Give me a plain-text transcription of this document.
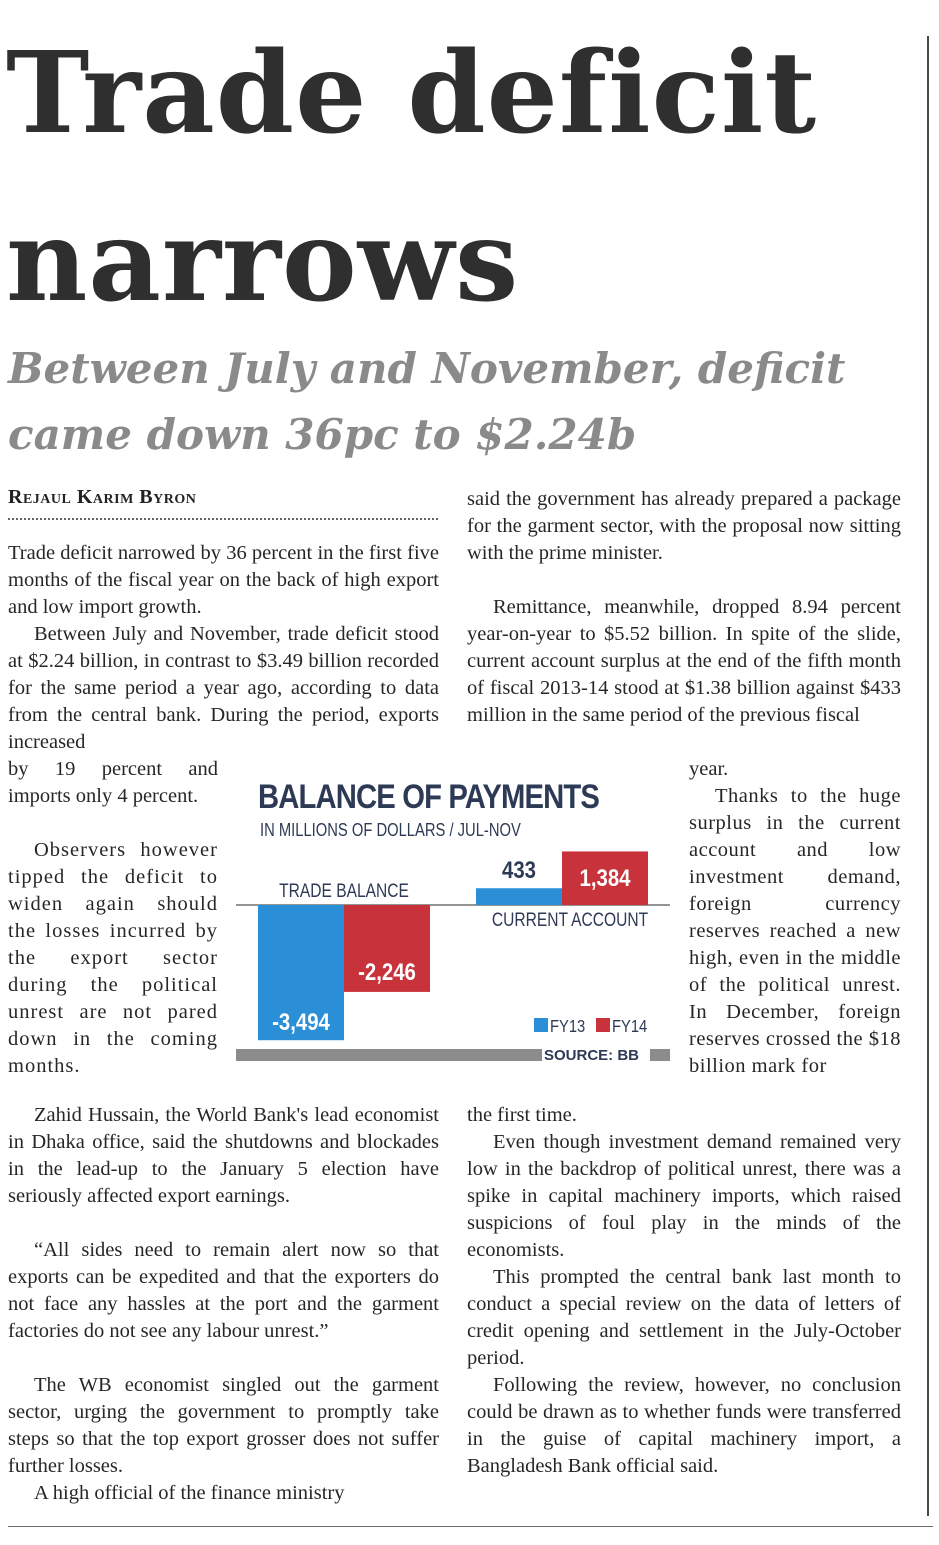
Trade deficit
narrows
Between July and November, deficit came down 36pc to $2.24b
Rejaul Karim Byron

Trade deficit narrowed by 36 percent in the first five months of the fiscal year on the back of high export and low import growth.

Between July and November, trade deficit stood at $2.24 billion, in contrast to $3.49 billion recorded for the same period a year ago, according to data from the central bank. During the period, exports increased

by 19 percent and imports only 4 percent.

Observers however tipped the deficit to widen again should the losses incurred by the export sector during the political unrest are not pared down in the coming months.

Zahid Hussain, the World Bank's lead economist in Dhaka office, said the shutdowns and blockades in the lead-up to the January 5 election have seriously affected export earnings.

“All sides need to remain alert now so that exports can be expedited and that the exporters do not face any hassles at the port and the garment factories do not see any labour unrest.”

The WB economist singled out the garment sector, urging the government to promptly take steps so that the top export grosser does not suffer further losses.

A high official of the finance ministry

said the government has already prepared a package for the garment sector, with the proposal now sitting with the prime minister.

Remittance, meanwhile, dropped 8.94 percent year-on-year to $5.52 billion. In spite of the slide, current account surplus at the end of the fifth month of fiscal 2013-14 stood at $1.38 billion against $433 million in the same period of the previous fiscal

year.

Thanks to the huge surplus in the current account and low investment demand, foreign currency reserves reached a new high, even in the middle of the political unrest. In December, foreign reserves crossed the $18 billion mark for

the first time.

Even though investment demand remained very low in the backdrop of political unrest, there was a spike in capital machinery imports, which raised suspicions of foul play in the minds of the economists.

This prompted the central bank last month to conduct a special review on the data of letters of credit opening and settlement in the July-October period.

Following the review, however, no conclusion could be drawn as to whether funds were transferred in the guise of capital machinery import, a Bangladesh Bank official said.

BALANCE OF PAYMENTS
IN MILLIONS OF DOLLARS / JUL-NOV
-3,494
-2,246
TRADE BALANCE
433 1,384
CURRENT ACCOUNT
FY13 FY14
SOURCE: BB
